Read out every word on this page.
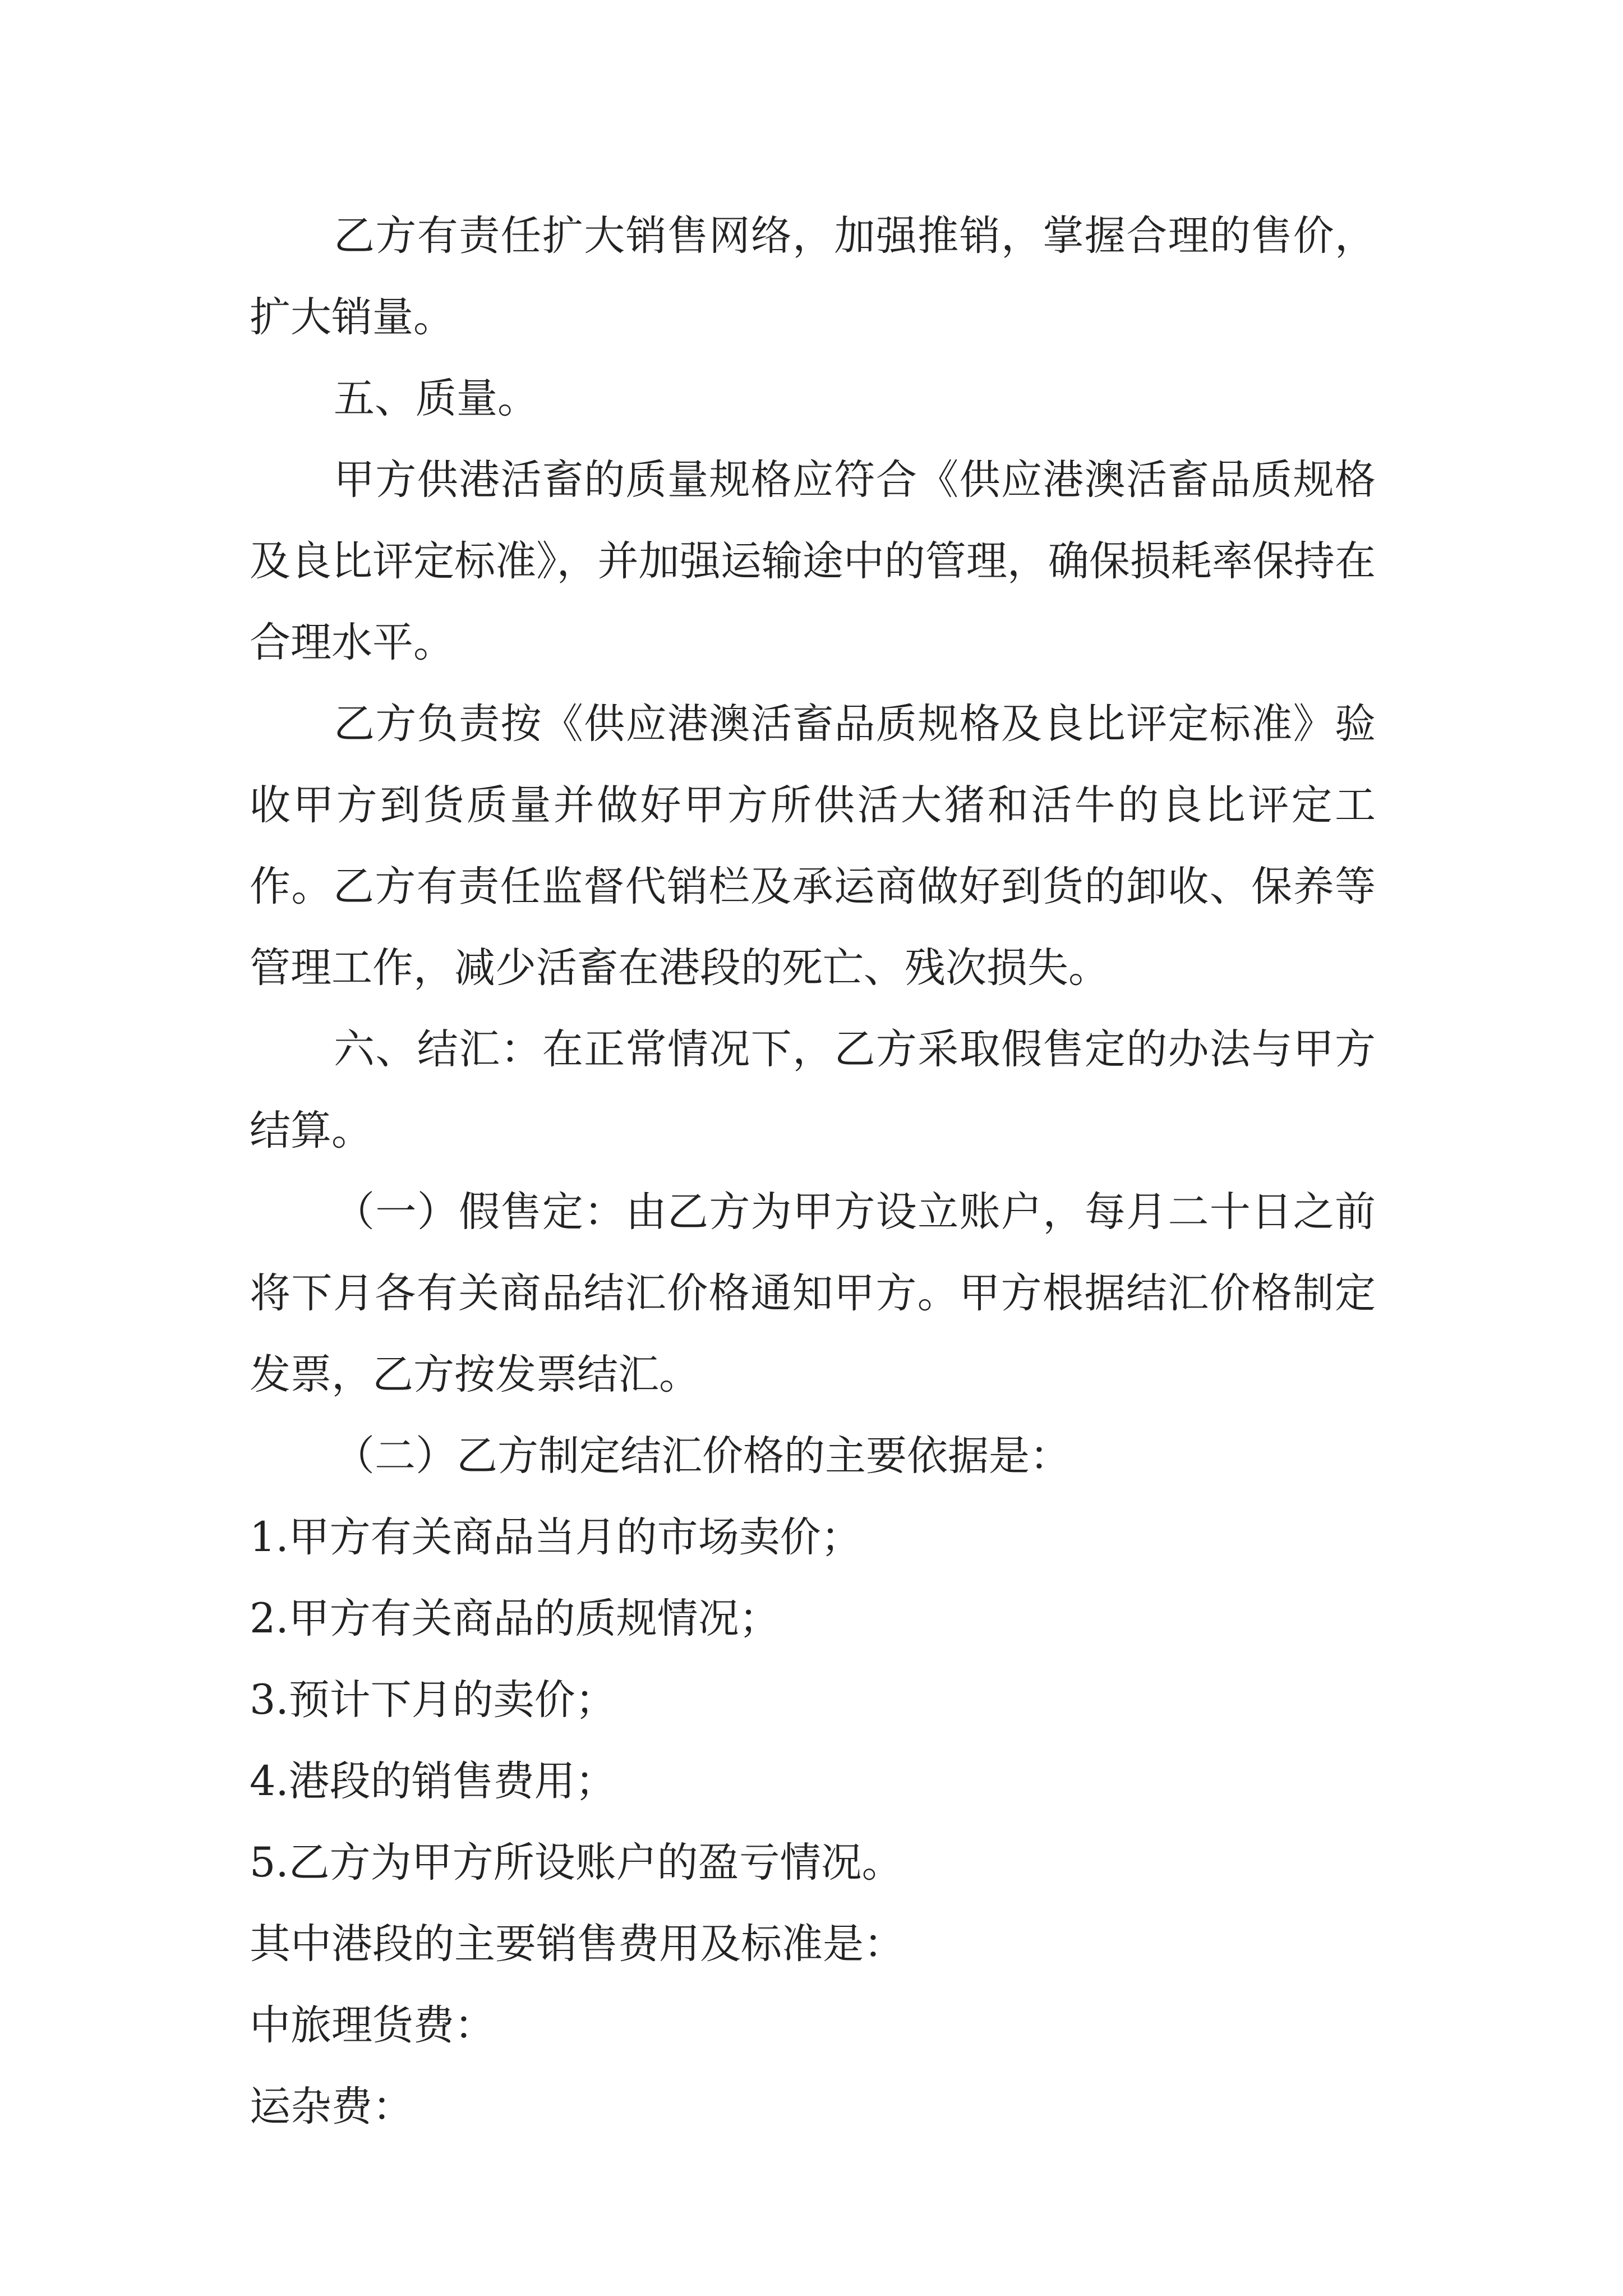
乙方有责任扩大销售网络，加强推销，掌握合理的售价，扩大销量。

五、质量。

甲方供港活畜的质量规格应符合《供应港澳活畜品质规格及良比评定标准》，并加强运输途中的管理，确保损耗率保持在合理水平。

乙方负责按《供应港澳活畜品质规格及良比评定标准》验收甲方到货质量并做好甲方所供活大猪和活牛的良比评定工作。乙方有责任监督代销栏及承运商做好到货的卸收、保养等管理工作，减少活畜在港段的死亡、残次损失。

六、结汇：在正常情况下，乙方采取假售定的办法与甲方结算。

（一）假售定：由乙方为甲方设立账户，每月二十日之前将下月各有关商品结汇价格通知甲方。甲方根据结汇价格制定发票，乙方按发票结汇。

（二）乙方制定结汇价格的主要依据是：

1.甲方有关商品当月的市场卖价；

2.甲方有关商品的质规情况；

3.预计下月的卖价；

4.港段的销售费用；

5.乙方为甲方所设账户的盈亏情况。

其中港段的主要销售费用及标准是：

中旅理货费：

运杂费：
